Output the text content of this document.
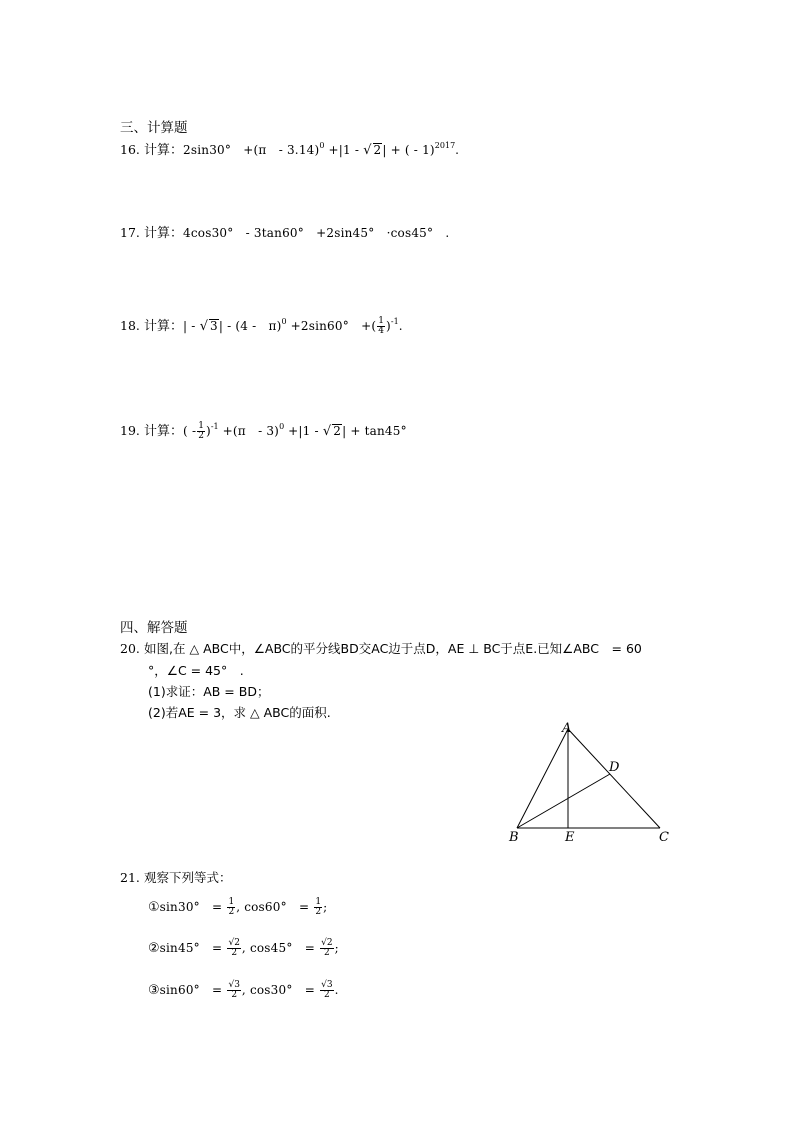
三、计算题
16. 计算：2sin30°　+(π　- 3.14)$^0$ +|1 - √ 2| + ( - 1)$^{2017}$.
17. 计算：4cos30°　- 3tan60°　+2sin45°　·cos45°　.
18. 计算：| - √ 3| - (4 -　π)$^0$ +2sin60°　+( $\frac{1}{4} )^{-1}$.
19. 计算：( - $\frac{1}{2} )^{-1} +(\pi$　- 3)$^0$ +|1 - √ 2| + tan45°
四、解答题
20. 如图,在 △ ABC中，∠ABC的平分线BD交AC边于点D，AE ⊥ BC于点E.已知∠ABC　= 60
°，∠C = 45°　.
(1)求证：AB = BD；
(2)若AE = 3，求 △ ABC的面积.
A
D
B	E	C
21. 观察下列等式：
①sin30°　= $\frac{1}{2}$ , cos60°　= $\frac{1}{2}$ ;
②sin45°　= $\frac{√2}{2}$ , cos45°　= $\frac{√2}{2}$ ;
③sin60°　= $\frac{√3}{2}$ , cos30°　= $\frac{√3}{2}$ .
